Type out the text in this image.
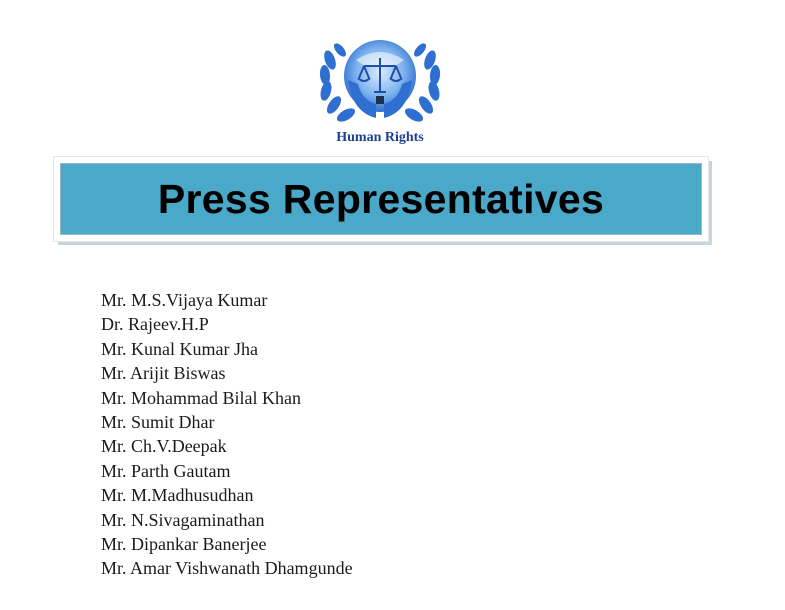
Human Rights
Press Representatives
Mr. M.S.Vijaya Kumar
Dr. Rajeev.H.P
Mr. Kunal Kumar Jha
Mr. Arijit Biswas
Mr. Mohammad Bilal Khan
Mr. Sumit Dhar
Mr. Ch.V.Deepak
Mr. Parth Gautam
Mr. M.Madhusudhan
Mr. N.Sivagaminathan
Mr. Dipankar Banerjee
Mr. Amar Vishwanath Dhamgunde
